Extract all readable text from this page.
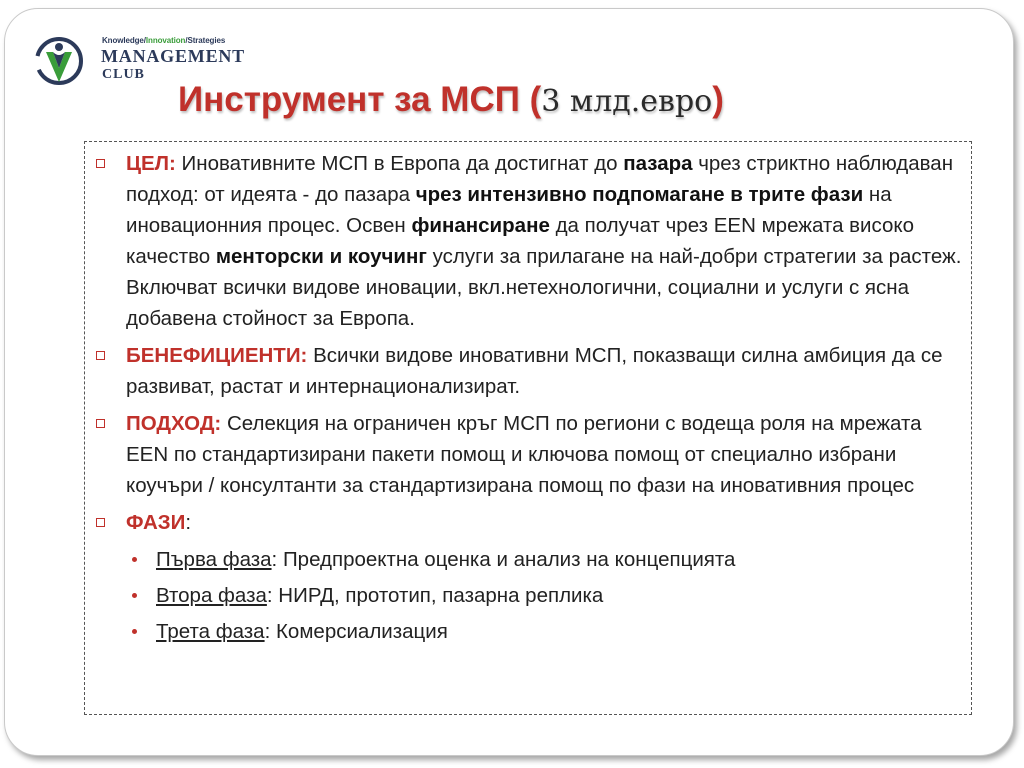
Knowledge/Innovation/Strategies
MANAGEMENT
CLUB
Инструмент за МСП (3 млд.евро)
ЦЕЛ: Иновативните МСП в Европа да достигнат до пазара чрез стриктно наблюдаван подход: от идеята - до пазара чрез интензивно подпомагане в трите фази на иновационния процес. Освен финансиране да получат чрез EEN мрежата високо качество менторски и коучинг услуги за прилагане на най-добри стратегии за растеж. Включват всички видове иновации, вкл.нетехнологични, социални и услуги с ясна добавена стойност за Европа.
БЕНЕФИЦИЕНТИ: Всички видове иновативни МСП, показващи силна амбиция да се развиват, растат и интернационализират.
ПОДХОД: Селекция на ограничен кръг МСП по региони с водеща роля на мрежата EEN по стандартизирани пакети помощ и ключова помощ от специално избрани коучъри / консултанти за стандартизирана помощ по фази на иновативния процес
ФАЗИ:
Първа фаза: Предпроектна оценка и анализ на концепцията
Втора фаза: НИРД, прототип, пазарна реплика
Трета фаза: Комерсиализация
